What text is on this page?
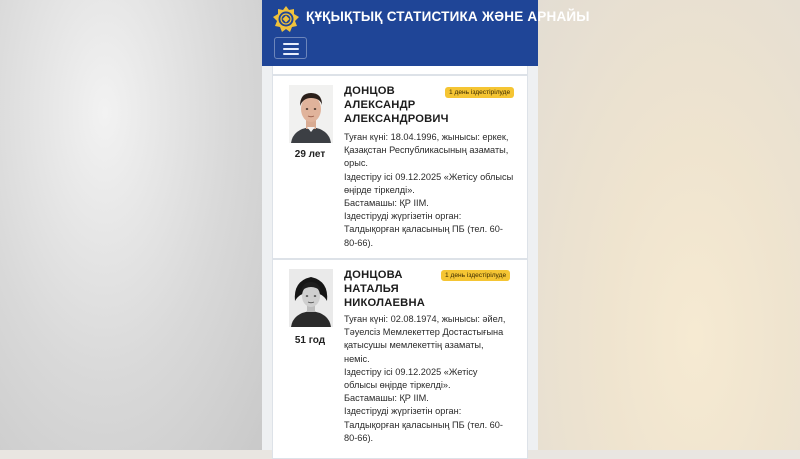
ҚҰҚЫҚТЫҚ СТАТИСТИКА ЖӘНЕ АРНАЙЫ
29 лет
ДОНЦОВ
АЛЕКСАНДР
АЛЕКСАНДРОВИЧ
1 день іздестірілуде

Туған күні: 18.04.1996, жынысы: еркек,

Қазақстан Республикасының азаматы,

орыс.

Іздестіру ісі 09.12.2025 «Жетісу облысы

өңірде тіркелді».

Бастамашы: ҚР ІІМ.

Іздестіруді жүргізетін орган:

Талдықорған қаласының ПБ (тел. 60-

80-66).

51 год
ДОНЦОВА
НАТАЛЬЯ
НИКОЛАЕВНА
1 день іздестірілуде

Туған күні: 02.08.1974, жынысы: әйел,

Тәуелсіз Мемлекеттер Достастығына

қатысушы мемлекеттің азаматы,

неміс.

Іздестіру ісі 09.12.2025 «Жетісу

облысы өңірде тіркелді».

Бастамашы: ҚР ІІМ.

Іздестіруді жүргізетін орган:

Талдықорған қаласының ПБ (тел. 60-

80-66).
